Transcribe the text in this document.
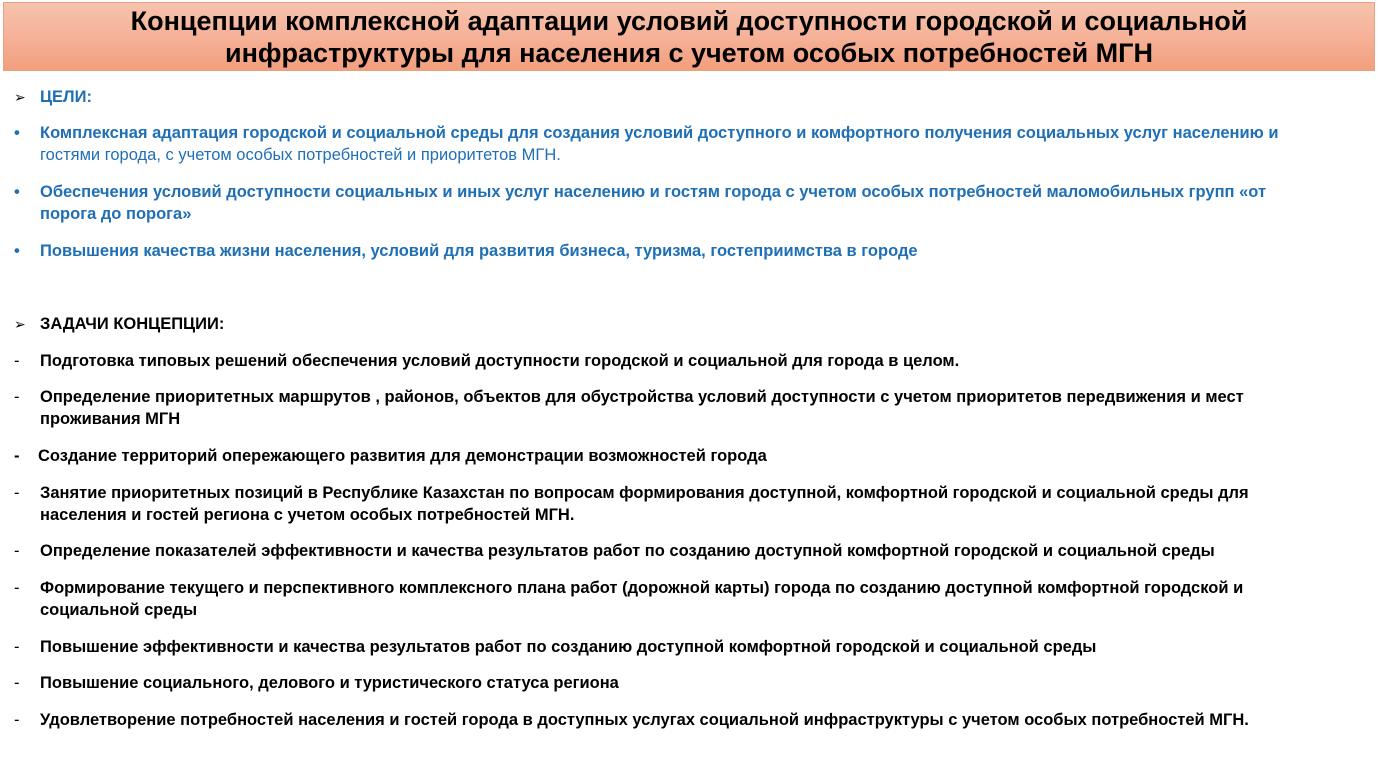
Концепции комплексной адаптации условий доступности городской и социальной
инфраструктуры для населения с учетом особых потребностей МГН
➢ ЦЕЛИ:
•	Комплексная адаптация городской и социальной среды для создания условий доступного и комфортного получения социальных услуг населению и
гостями города, с учетом особых потребностей и приоритетов МГН.
•	Обеспечения условий доступности социальных и иных услуг населению и гостям города с учетом особых потребностей маломобильных групп «от
порога до порога»
•	Повышения качества жизни населения, условий для развития бизнеса, туризма, гостеприимства в городе
➢ ЗАДАЧИ КОНЦЕПЦИИ:
-	Подготовка типовых решений обеспечения условий доступности городской и социальной для города в целом.
-	Определение приоритетных маршрутов , районов, объектов для обустройства условий доступности с учетом приоритетов передвижения и мест
проживания МГН
-	Создание территорий опережающего развития для демонстрации возможностей города
-	Занятие приоритетных позиций в Республике Казахстан по вопросам формирования доступной, комфортной городской и социальной среды для
населения и гостей региона с учетом особых потребностей МГН.
-	Определение показателей эффективности и качества результатов работ по созданию доступной комфортной городской и социальной среды
-	Формирование текущего и перспективного комплексного плана работ (дорожной карты) города по созданию доступной комфортной городской и
социальной среды
-	Повышение эффективности и качества результатов работ по созданию доступной комфортной городской и социальной среды
-	Повышение социального, делового и туристического статуса региона
-	Удовлетворение потребностей населения и гостей города в доступных услугах социальной инфраструктуры с учетом особых потребностей МГН.
